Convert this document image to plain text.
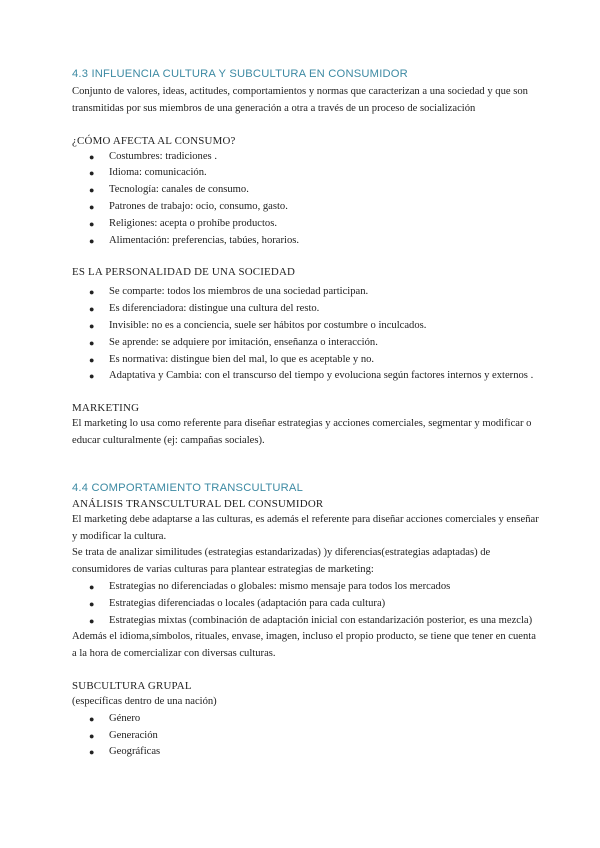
4.3 INFLUENCIA CULTURA Y SUBCULTURA EN CONSUMIDOR
Conjunto de valores, ideas, actitudes, comportamientos y normas que caracterizan a una sociedad y que son transmitidas por sus miembros de una generación a otra a través de un proceso de socialización
¿CÓMO AFECTA AL CONSUMO?
● Costumbres: tradiciones .
● Idioma: comunicación.
● Tecnología: canales de consumo.
● Patrones de trabajo: ocio, consumo, gasto.
● Religiones: acepta o prohíbe productos.
● Alimentación: preferencias, tabúes, horarios.
ES LA PERSONALIDAD DE UNA SOCIEDAD
● Se comparte: todos los miembros de una sociedad participan.
● Es diferenciadora: distingue una cultura del resto.
● Invisible: no es a conciencia, suele ser hábitos por costumbre o inculcados.
● Se aprende: se adquiere por imitación, enseñanza o interacción.
● Es normativa: distingue bien del mal, lo que es aceptable y no.
● Adaptativa y Cambia: con el transcurso del tiempo y evoluciona según factores internos y externos .
MARKETING
El marketing lo usa como referente para diseñar estrategias y acciones comerciales, segmentar y modificar o educar culturalmente (ej: campañas sociales).
4.4 COMPORTAMIENTO TRANSCULTURAL
ANÁLISIS TRANSCULTURAL DEL CONSUMIDOR
El marketing debe adaptarse a las culturas, es además el referente para diseñar acciones comerciales y enseñar y modificar la cultura.
Se trata de analizar similitudes (estrategias estandarizadas) )y diferencias(estrategias adaptadas) de consumidores de varias culturas para plantear estrategias de marketing:
● Estrategias no diferenciadas o globales: mismo mensaje para todos los mercados
● Estrategias diferenciadas o locales (adaptación para cada cultura)
● Estrategias mixtas (combinación de adaptación inicial con estandarización posterior, es una mezcla)
Además el idioma,símbolos, rituales, envase, imagen, incluso el propio producto, se tiene que tener en cuenta a la hora de comercializar con diversas culturas.
SUBCULTURA GRUPAL
(específicas dentro de una nación)
● Género
● Generación
● Geográficas
